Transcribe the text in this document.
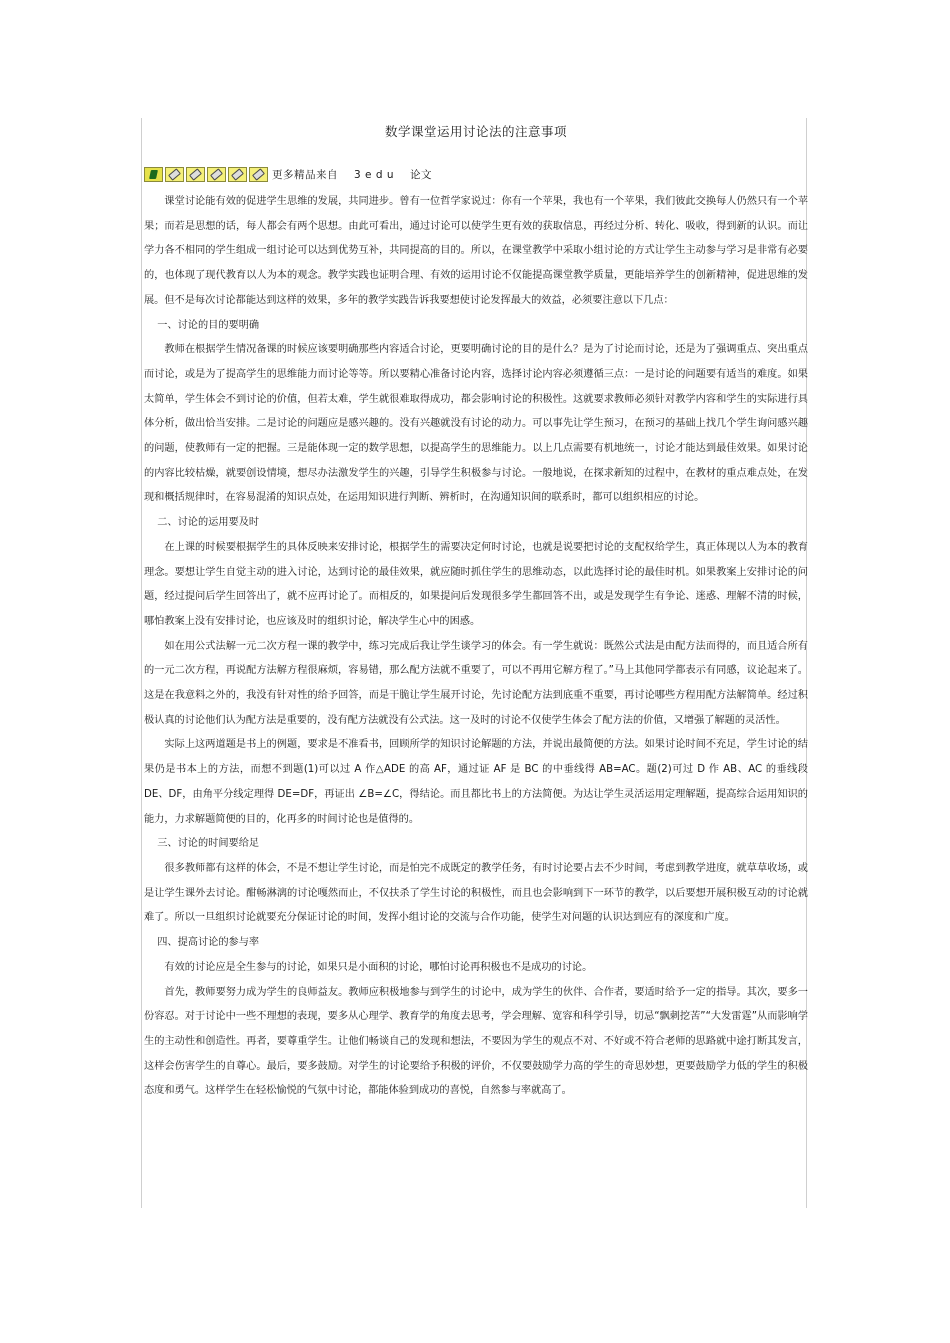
数学课堂运用讨论法的注意事项
更多精品来自 3 e d u 论文

课堂讨论能有效的促进学生思维的发展，共同进步。曾有一位哲学家说过：你有一个苹果，我也有一个苹果，我们彼此交换每人仍然只有一个苹果；而若是思想的话，每人都会有两个思想。由此可看出，通过讨论可以使学生更有效的获取信息，再经过分析、转化、吸收，得到新的认识。而让学力各不相同的学生组成一组讨论可以达到优势互补，共同提高的目的。所以，在课堂教学中采取小组讨论的方式让学生主动参与学习是非常有必要的，也体现了现代教育以人为本的观念。教学实践也证明合理、有效的运用讨论不仅能提高课堂教学质量，更能培养学生的创新精神，促进思维的发展。但不是每次讨论都能达到这样的效果，多年的教学实践告诉我要想使讨论发挥最大的效益，必须要注意以下几点：

一、讨论的目的要明确

教师在根据学生情况备课的时候应该要明确那些内容适合讨论，更要明确讨论的目的是什么？是为了讨论而讨论，还是为了强调重点、突出重点而讨论，或是为了提高学生的思维能力而讨论等等。所以要精心准备讨论内容，选择讨论内容必须遵循三点：一是讨论的问题要有适当的难度。如果太简单，学生体会不到讨论的价值，但若太难，学生就很难取得成功，都会影响讨论的积极性。这就要求教师必须针对教学内容和学生的实际进行具体分析，做出恰当安排。二是讨论的问题应是感兴趣的。没有兴趣就没有讨论的动力。可以事先让学生预习，在预习的基础上找几个学生询问感兴趣的问题，使教师有一定的把握。三是能体现一定的数学思想，以提高学生的思维能力。以上几点需要有机地统一，讨论才能达到最佳效果。如果讨论的内容比较枯燥，就要创设情境，想尽办法激发学生的兴趣，引导学生积极参与讨论。一般地说，在探求新知的过程中，在教材的重点难点处，在发现和概括规律时，在容易混淆的知识点处，在运用知识进行判断、辨析时，在沟通知识间的联系时，都可以组织相应的讨论。

二、讨论的运用要及时

在上课的时候要根据学生的具体反映来安排讨论，根据学生的需要决定何时讨论，也就是说要把讨论的支配权给学生，真正体现以人为本的教育理念。要想让学生自觉主动的进入讨论，达到讨论的最佳效果，就应随时抓住学生的思维动态，以此选择讨论的最佳时机。如果教案上安排讨论的问题，经过提问后学生回答出了，就不应再讨论了。而相反的，如果提问后发现很多学生都回答不出，或是发现学生有争论、迷惑、理解不清的时候，哪怕教案上没有安排讨论，也应该及时的组织讨论，解决学生心中的困惑。

如在用公式法解一元二次方程一课的教学中，练习完成后我让学生谈学习的体会。有一学生就说：既然公式法是由配方法而得的，而且适合所有的一元二次方程，再说配方法解方程很麻烦，容易错，那么配方法就不重要了，可以不再用它解方程了。”马上其他同学都表示有同感，议论起来了。这是在我意料之外的，我没有针对性的给予回答，而是干脆让学生展开讨论，先讨论配方法到底重不重要，再讨论哪些方程用配方法解简单。经过积极认真的讨论他们认为配方法是重要的，没有配方法就没有公式法。这一及时的讨论不仅使学生体会了配方法的价值，又增强了解题的灵活性。

实际上这两道题是书上的例题，要求是不准看书，回顾所学的知识讨论解题的方法，并说出最简便的方法。如果讨论时间不充足，学生讨论的结果仍是书本上的方法，而想不到题(1)可以过 A 作△ADE 的高 AF，通过证 AF 是 BC 的中垂线得 AB=AC。题(2)可过 D 作 AB、AC 的垂线段 DE、DF，由角平分线定理得 DE=DF，再证出 ∠B=∠C，得结论。而且都比书上的方法简便。为达让学生灵活运用定理解题，提高综合运用知识的能力，力求解题简便的目的，化再多的时间讨论也是值得的。

三、讨论的时间要给足

很多教师都有这样的体会，不是不想让学生讨论，而是怕完不成既定的教学任务，有时讨论要占去不少时间，考虑到教学进度，就草草收场，或是让学生课外去讨论。酣畅淋漓的讨论嘎然而止，不仅扶杀了学生讨论的积极性，而且也会影响到下一环节的教学，以后要想开展积极互动的讨论就难了。所以一旦组织讨论就要充分保证讨论的时间，发挥小组讨论的交流与合作功能，使学生对问题的认识达到应有的深度和广度。

四、提高讨论的参与率

有效的讨论应是全生参与的讨论，如果只是小面积的讨论，哪怕讨论再积极也不是成功的讨论。

首先，教师要努力成为学生的良师益友。教师应积极地参与到学生的讨论中，成为学生的伙伴、合作者，要适时给予一定的指导。其次，要多一份容忍。对于讨论中一些不理想的表现，要多从心理学、教育学的角度去思考，学会理解、宽容和科学引导，切忌“飘刺挖苦”“大发雷霆”从而影响学生的主动性和创造性。再者，要尊重学生。让他们畅谈自己的发现和想法，不要因为学生的观点不对、不好或不符合老师的思路就中途打断其发言，这样会伤害学生的自尊心。最后，要多鼓励。对学生的讨论要给予积极的评价，不仅要鼓励学力高的学生的奇思妙想，更要鼓励学力低的学生的积极态度和勇气。这样学生在轻松愉悦的气氛中讨论，都能体验到成功的喜悦，自然参与率就高了。
